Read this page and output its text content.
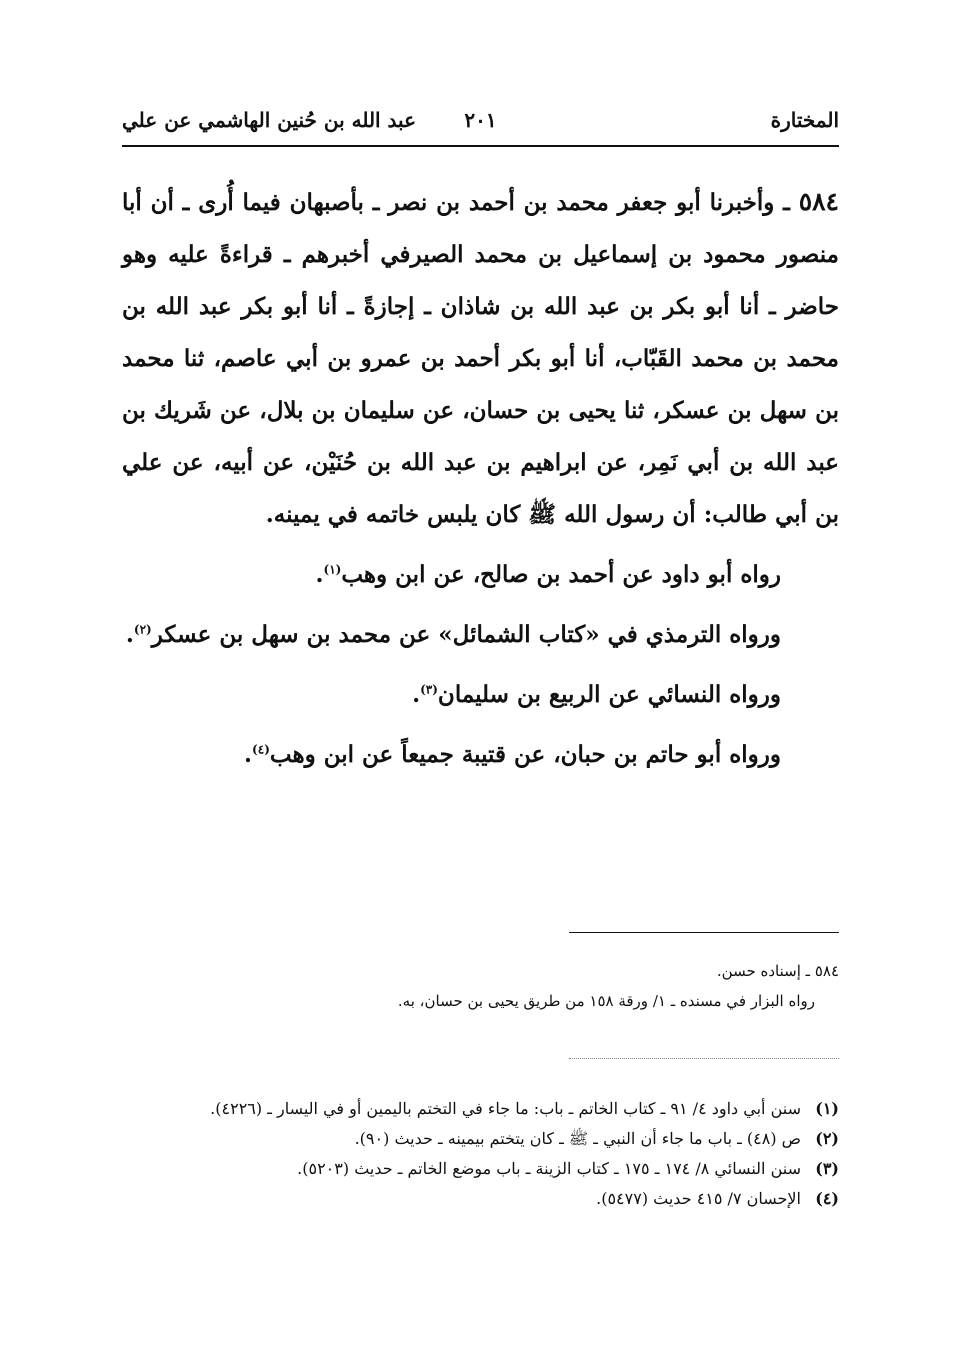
المختارة
٢٠١
عبد الله بن حُنين الهاشمي عن علي

٥٨٤ ـ وأخبرنا أبو جعفر محمد بن أحمد بن نصر ـ بأصبهان فيما أُرى ـ أن أبا منصور محمود بن إسماعيل بن محمد الصيرفي أخبرهم ـ قراءةً عليه وهو حاضر ـ أنا أبو بكر بن عبد الله بن شاذان ـ إجازةً ـ أنا أبو بكر عبد الله بن محمد بن محمد القَبّاب، أنا أبو بكر أحمد بن عمرو بن أبي عاصم، ثنا محمد بن سهل بن عسكر، ثنا يحيى بن حسان، عن سليمان بن بلال، عن شَريك بن عبد الله بن أبي نَمِر، عن ابراهيم بن عبد الله بن حُنَيْن، عن أبيه، عن علي بن أبي طالب: أن رسول الله ﷺ كان يلبس خاتمه في يمينه.

رواه أبو داود عن أحمد بن صالح، عن ابن وهب$^{(١)}$.

ورواه الترمذي في «كتاب الشمائل» عن محمد بن سهل بن عسكر$^{(٢)}$.

ورواه النسائي عن الربيع بن سليمان$^{(٣)}$.

ورواه أبو حاتم بن حبان، عن قتيبة جميعاً عن ابن وهب$^{(٤)}$.

٥٨٤ ـ إسناده حسن.

رواه البزار في مسنده ـ ١/ ورقة ١٥٨ من طريق يحيى بن حسان، به.

(١)
سنن أبي داود ٤/ ٩١ ـ كتاب الخاتم ـ باب: ما جاء في التختم باليمين أو في اليسار ـ (٤٢٢٦).
(٢)
ص (٤٨) ـ باب ما جاء أن النبي ـ ﷺ ـ كان يتختم بيمينه ـ حديث (٩٠).
(٣)
سنن النسائي ٨/ ١٧٤ ـ ١٧٥ ـ كتاب الزينة ـ باب موضع الخاتم ـ حديث (٥٢٠٣).
(٤)
الإحسان ٧/ ٤١٥ حديث (٥٤٧٧).
